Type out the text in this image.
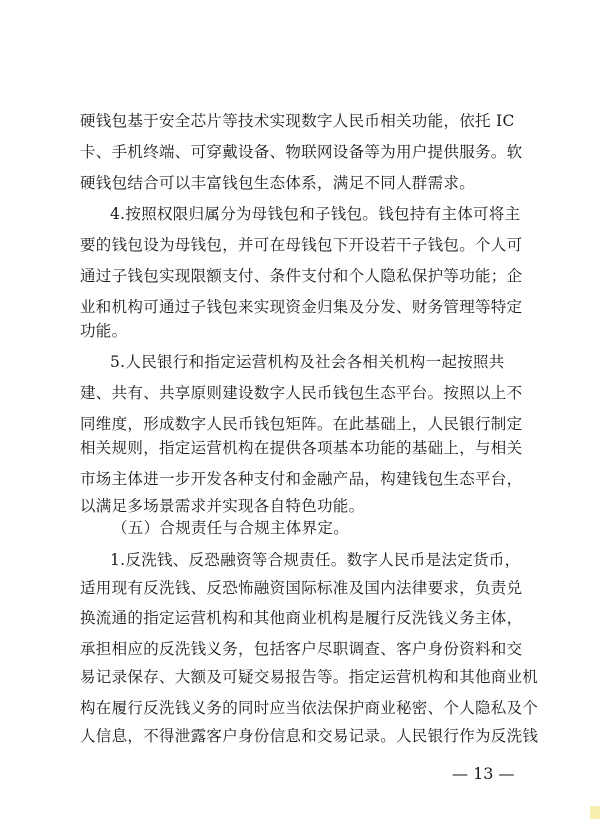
硬钱包基于安全芯片等技术实现数字人民币相关功能，依托 IC
卡、手机终端、可穿戴设备、物联网设备等为用户提供服务。软
硬钱包结合可以丰富钱包生态体系，满足不同人群需求。
4.按照权限归属分为母钱包和子钱包。钱包持有主体可将主
要的钱包设为母钱包，并可在母钱包下开设若干子钱包。个人可
通过子钱包实现限额支付、条件支付和个人隐私保护等功能；企
业和机构可通过子钱包来实现资金归集及分发、财务管理等特定
功能。
5.人民银行和指定运营机构及社会各相关机构一起按照共
建、共有、共享原则建设数字人民币钱包生态平台。按照以上不
同维度，形成数字人民币钱包矩阵。在此基础上，人民银行制定
相关规则，指定运营机构在提供各项基本功能的基础上，与相关
市场主体进一步开发各种支付和金融产品，构建钱包生态平台，
以满足多场景需求并实现各自特色功能。
（五）合规责任与合规主体界定。
1.反洗钱、反恐融资等合规责任。数字人民币是法定货币，
适用现有反洗钱、反恐怖融资国际标准及国内法律要求，负责兑
换流通的指定运营机构和其他商业机构是履行反洗钱义务主体，
承担相应的反洗钱义务，包括客户尽职调查、客户身份资料和交
易记录保存、大额及可疑交易报告等。指定运营机构和其他商业机
构在履行反洗钱义务的同时应当依法保护商业秘密、个人隐私及个
人信息，不得泄露客户身份信息和交易记录。人民银行作为反洗钱
— 13 —
